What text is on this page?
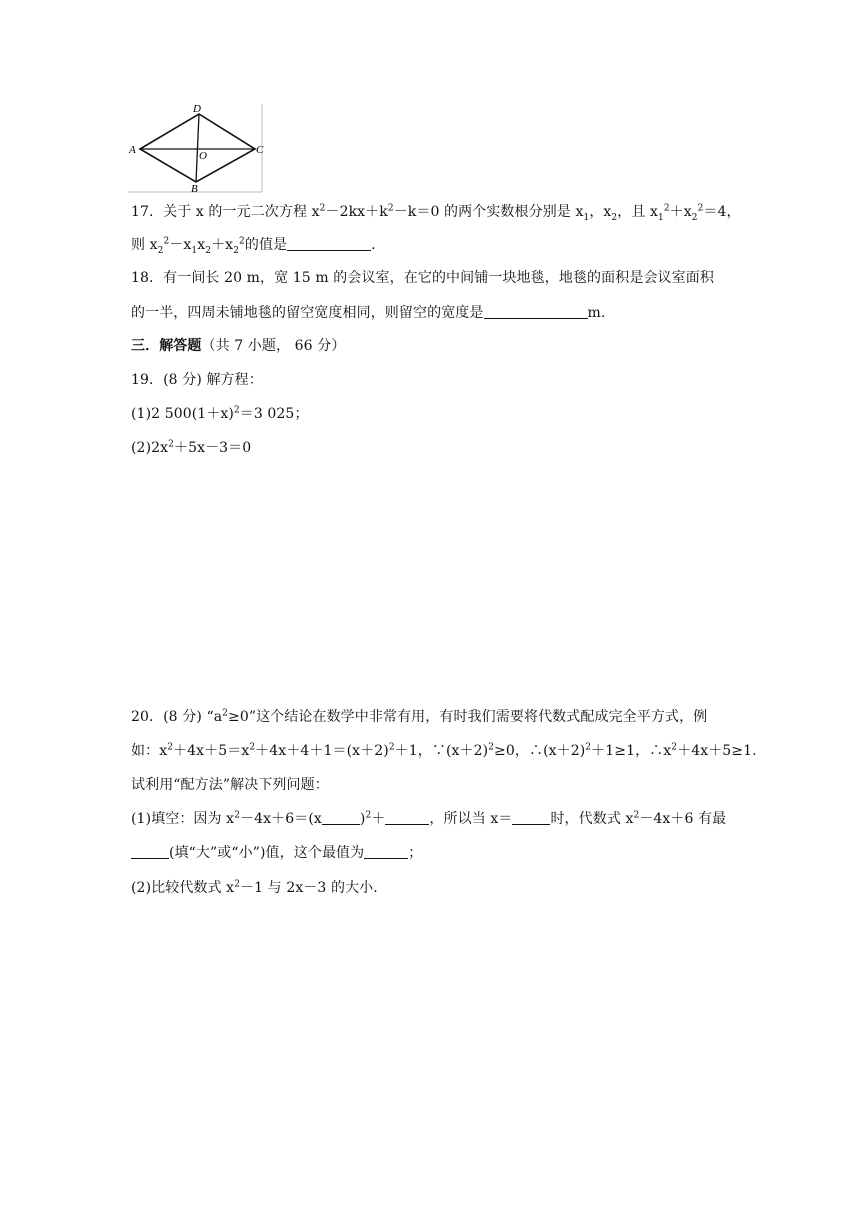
A
D
C
B
O
17．关于 x 的一元二次方程 $x^2-2kx+k^2-k=0$ 的两个实数根分别是 $x_1$，$x_2$，且 $x_1^2+x_2^2=4$，
则 $x_2^2-x_1x_2+x_2^2$的值是	.
18．有一间长 20 m，宽 15 m 的会议室，在它的中间铺一块地毯，地毯的面积是会议室面积
的一半，四周未铺地毯的留空宽度相同，则留空的宽度是	m.
三．解答题（共 7 小题， 66 分）
19．(8 分) 解方程：
(1)2 $500(1+x)^2=3$ 025；
$(2)2x^2+5x-3=0$
20．(8 分) “$a^2\ge 0$”这个结论在数学中非常有用，有时我们需要将代数式配成完全平方式，例
如：$x^2+4x+5=x^2+4x+4+1=(x+2)^2+1$，$\because(x+2)^2\ge 0$，$\therefore(x+2)^2+1\ge 1$，$\therefore x^2+4x+5\ge 1$.
试利用“配方法”解决下列问题：
(1)填空：因为 $x^2-4x+6=(x$	)$^2$＋	，所以当 x＝	时，代数式 $x^2-4x+6$ 有最
(填“大”或“小”)值，这个最值为	；
(2)比较代数式 $x^2-1$ 与 2x－3 的大小.
